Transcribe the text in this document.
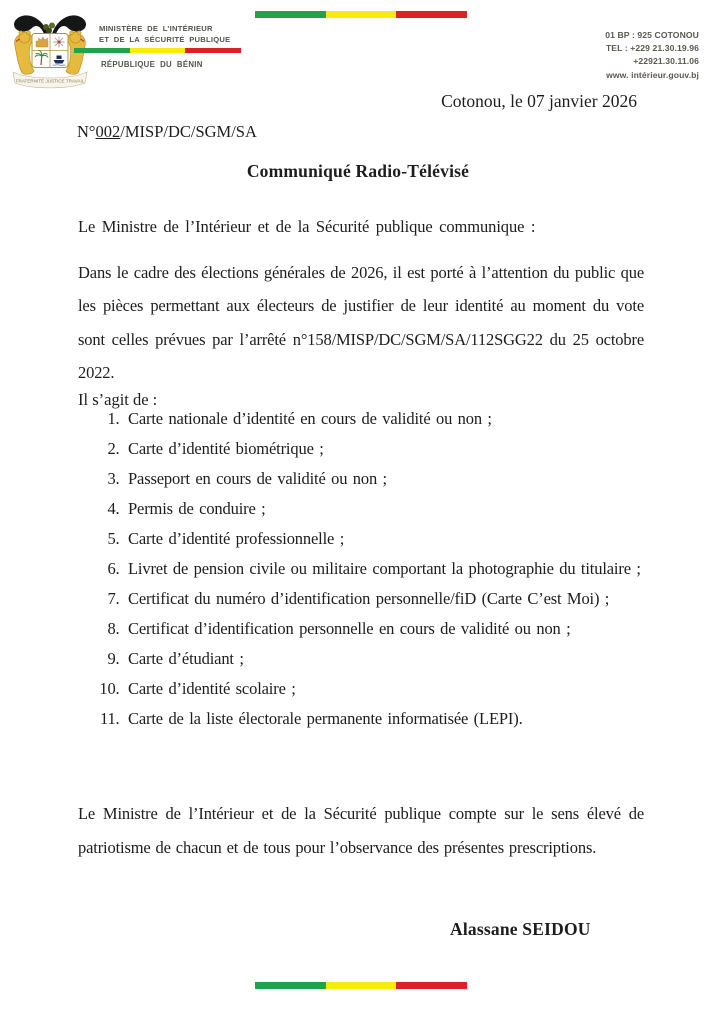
FRATERNITÉ JUSTICE TRAVAIL
MINISTÈRE DE L’INTÉRIEUR
ET DE LA SÉCURITÉ PUBLIQUE
RÉPUBLIQUE DU BÉNIN
01 BP : 925 COTONOU
TEL : +229 21.30.19.96
+22921.30.11.06
www. intérieur.gouv.bj
Cotonou, le 07 janvier 2026
N°002/MISP/DC/SGM/SA
Communiqué Radio-Télévisé

Le Ministre de l’Intérieur et de la Sécurité publique communique :

Dans le cadre des élections générales de 2026, il est porté à l’attention du public que les pièces permettant aux électeurs de justifier de leur identité au moment du vote sont celles prévues par l’arrêté n°158/MISP/DC/SGM/SA/112SGG22 du 25 octobre 2022.

Il s’agit de :

1. Carte nationale d’identité en cours de validité ou non ;
2. Carte d’identité biométrique ;
3. Passeport en cours de validité ou non ;
4. Permis de conduire ;
5. Carte d’identité professionnelle ;
6. Livret de pension civile ou militaire comportant la photographie du titulaire ;
7. Certificat du numéro d’identification personnelle/fiD (Carte C’est Moi) ;
8. Certificat d’identification personnelle en cours de validité ou non ;
9. Carte d’étudiant ;
10. Carte d’identité scolaire ;
11. Carte de la liste électorale permanente informatisée (LEPI).

Le Ministre de l’Intérieur et de la Sécurité publique compte sur le sens élevé de patriotisme de chacun et de tous pour l’observance des présentes prescriptions.

Alassane SEIDOU
